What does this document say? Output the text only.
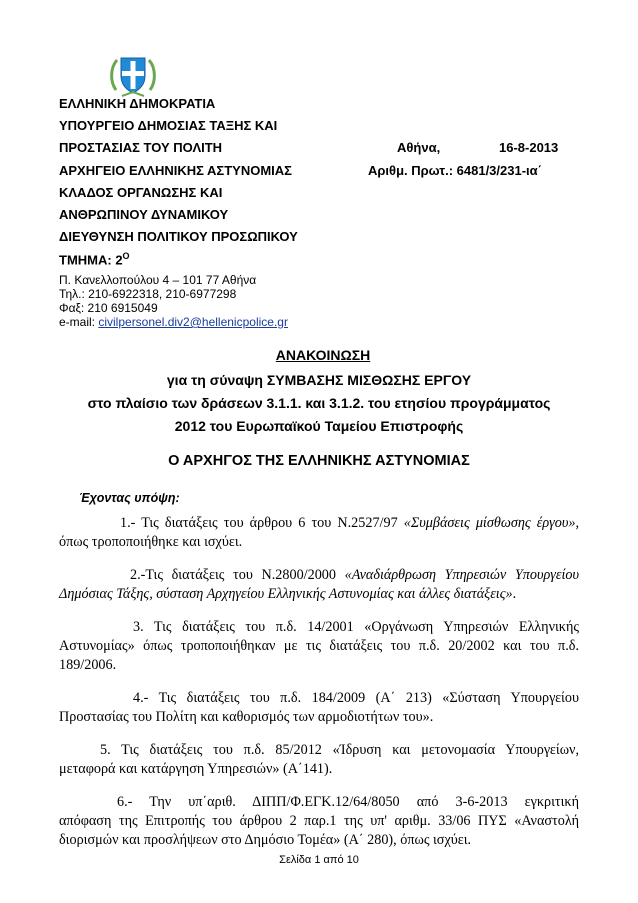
ΕΛΛΗΝΙΚΗ ΔΗΜΟΚΡΑΤΙΑ
ΥΠΟΥΡΓΕΙΟ ΔΗΜΟΣΙΑΣ ΤΑΞΗΣ ΚΑΙ
ΠΡΟΣΤΑΣΙΑΣ ΤΟΥ ΠΟΛΙΤΗ
ΑΡΧΗΓΕΙΟ ΕΛΛΗΝΙΚΗΣ ΑΣΤΥΝΟΜΙΑΣ
ΚΛΑΔΟΣ ΟΡΓΑΝΩΣΗΣ ΚΑΙ
ΑΝΘΡΩΠΙΝΟΥ ΔΥΝΑΜΙΚΟΥ
ΔΙΕΥΘΥΝΣΗ ΠΟΛΙΤΙΚΟΥ ΠΡΟΣΩΠΙΚΟΥ
ΤΜΗΜΑ: $2^O$
Αθήνα,	16-8-2013
Αριθμ. Πρωτ.: 6481/3/231-ια΄
Π. Κανελλοπούλου 4 – 101 77 Αθήνα
Τηλ.: 210-6922318, 210-6977298
Φαξ: 210 6915049
e-mail: civilpersonel.div2@hellenicpolice.gr
ΑΝΑΚΟΙΝΩΣΗ
για τη σύναψη ΣΥΜΒΑΣΗΣ ΜΙΣΘΩΣΗΣ ΕΡΓΟΥ
στο πλαίσιο των δράσεων 3.1.1. και 3.1.2. του ετησίου προγράμματος
2012 του Ευρωπαϊκού Ταμείου Επιστροφής
Ο ΑΡΧΗΓΟΣ ΤΗΣ ΕΛΛΗΝΙΚΗΣ ΑΣΤΥΝΟΜΙΑΣ
Έχοντας υπόψη:
1.- Τις διατάξεις του άρθρου 6 του Ν.2527/97 «Συμβάσεις μίσθωσης έργου»,
όπως τροποποιήθηκε και ισχύει.
2.-Τις διατάξεις του Ν.2800/2000 «Αναδιάρθρωση Υπηρεσιών Υπουργείου
Δημόσιας Τάξης, σύσταση Αρχηγείου Ελληνικής Αστυνομίας και άλλες διατάξεις».
3. Τις διατάξεις του π.δ. 14/2001 «Οργάνωση Υπηρεσιών Ελληνικής
Αστυνομίας» όπως τροποποιήθηκαν με τις διατάξεις του π.δ. 20/2002 και του π.δ.
189/2006.
4.- Τις διατάξεις του π.δ. 184/2009 (Α΄ 213) «Σύσταση Υπουργείου
Προστασίας του Πολίτη και καθορισμός των αρμοδιοτήτων του».
5. Τις διατάξεις του π.δ. 85/2012 «Ίδρυση και μετονομασία Υπουργείων,
μεταφορά και κατάργηση Υπηρεσιών» (Α΄141).
6.- Την υπ΄αριθ. ΔΙΠΠ/Φ.ΕΓΚ.12/64/8050 από 3-6-2013 εγκριτική
απόφαση της Επιτροπής του άρθρου 2 παρ.1 της υπ' αριθμ. 33/06 ΠΥΣ «Αναστολή
διορισμών και προσλήψεων στο Δημόσιο Τομέα» (Α΄ 280), όπως ισχύει.
Σελίδα 1 από 10
